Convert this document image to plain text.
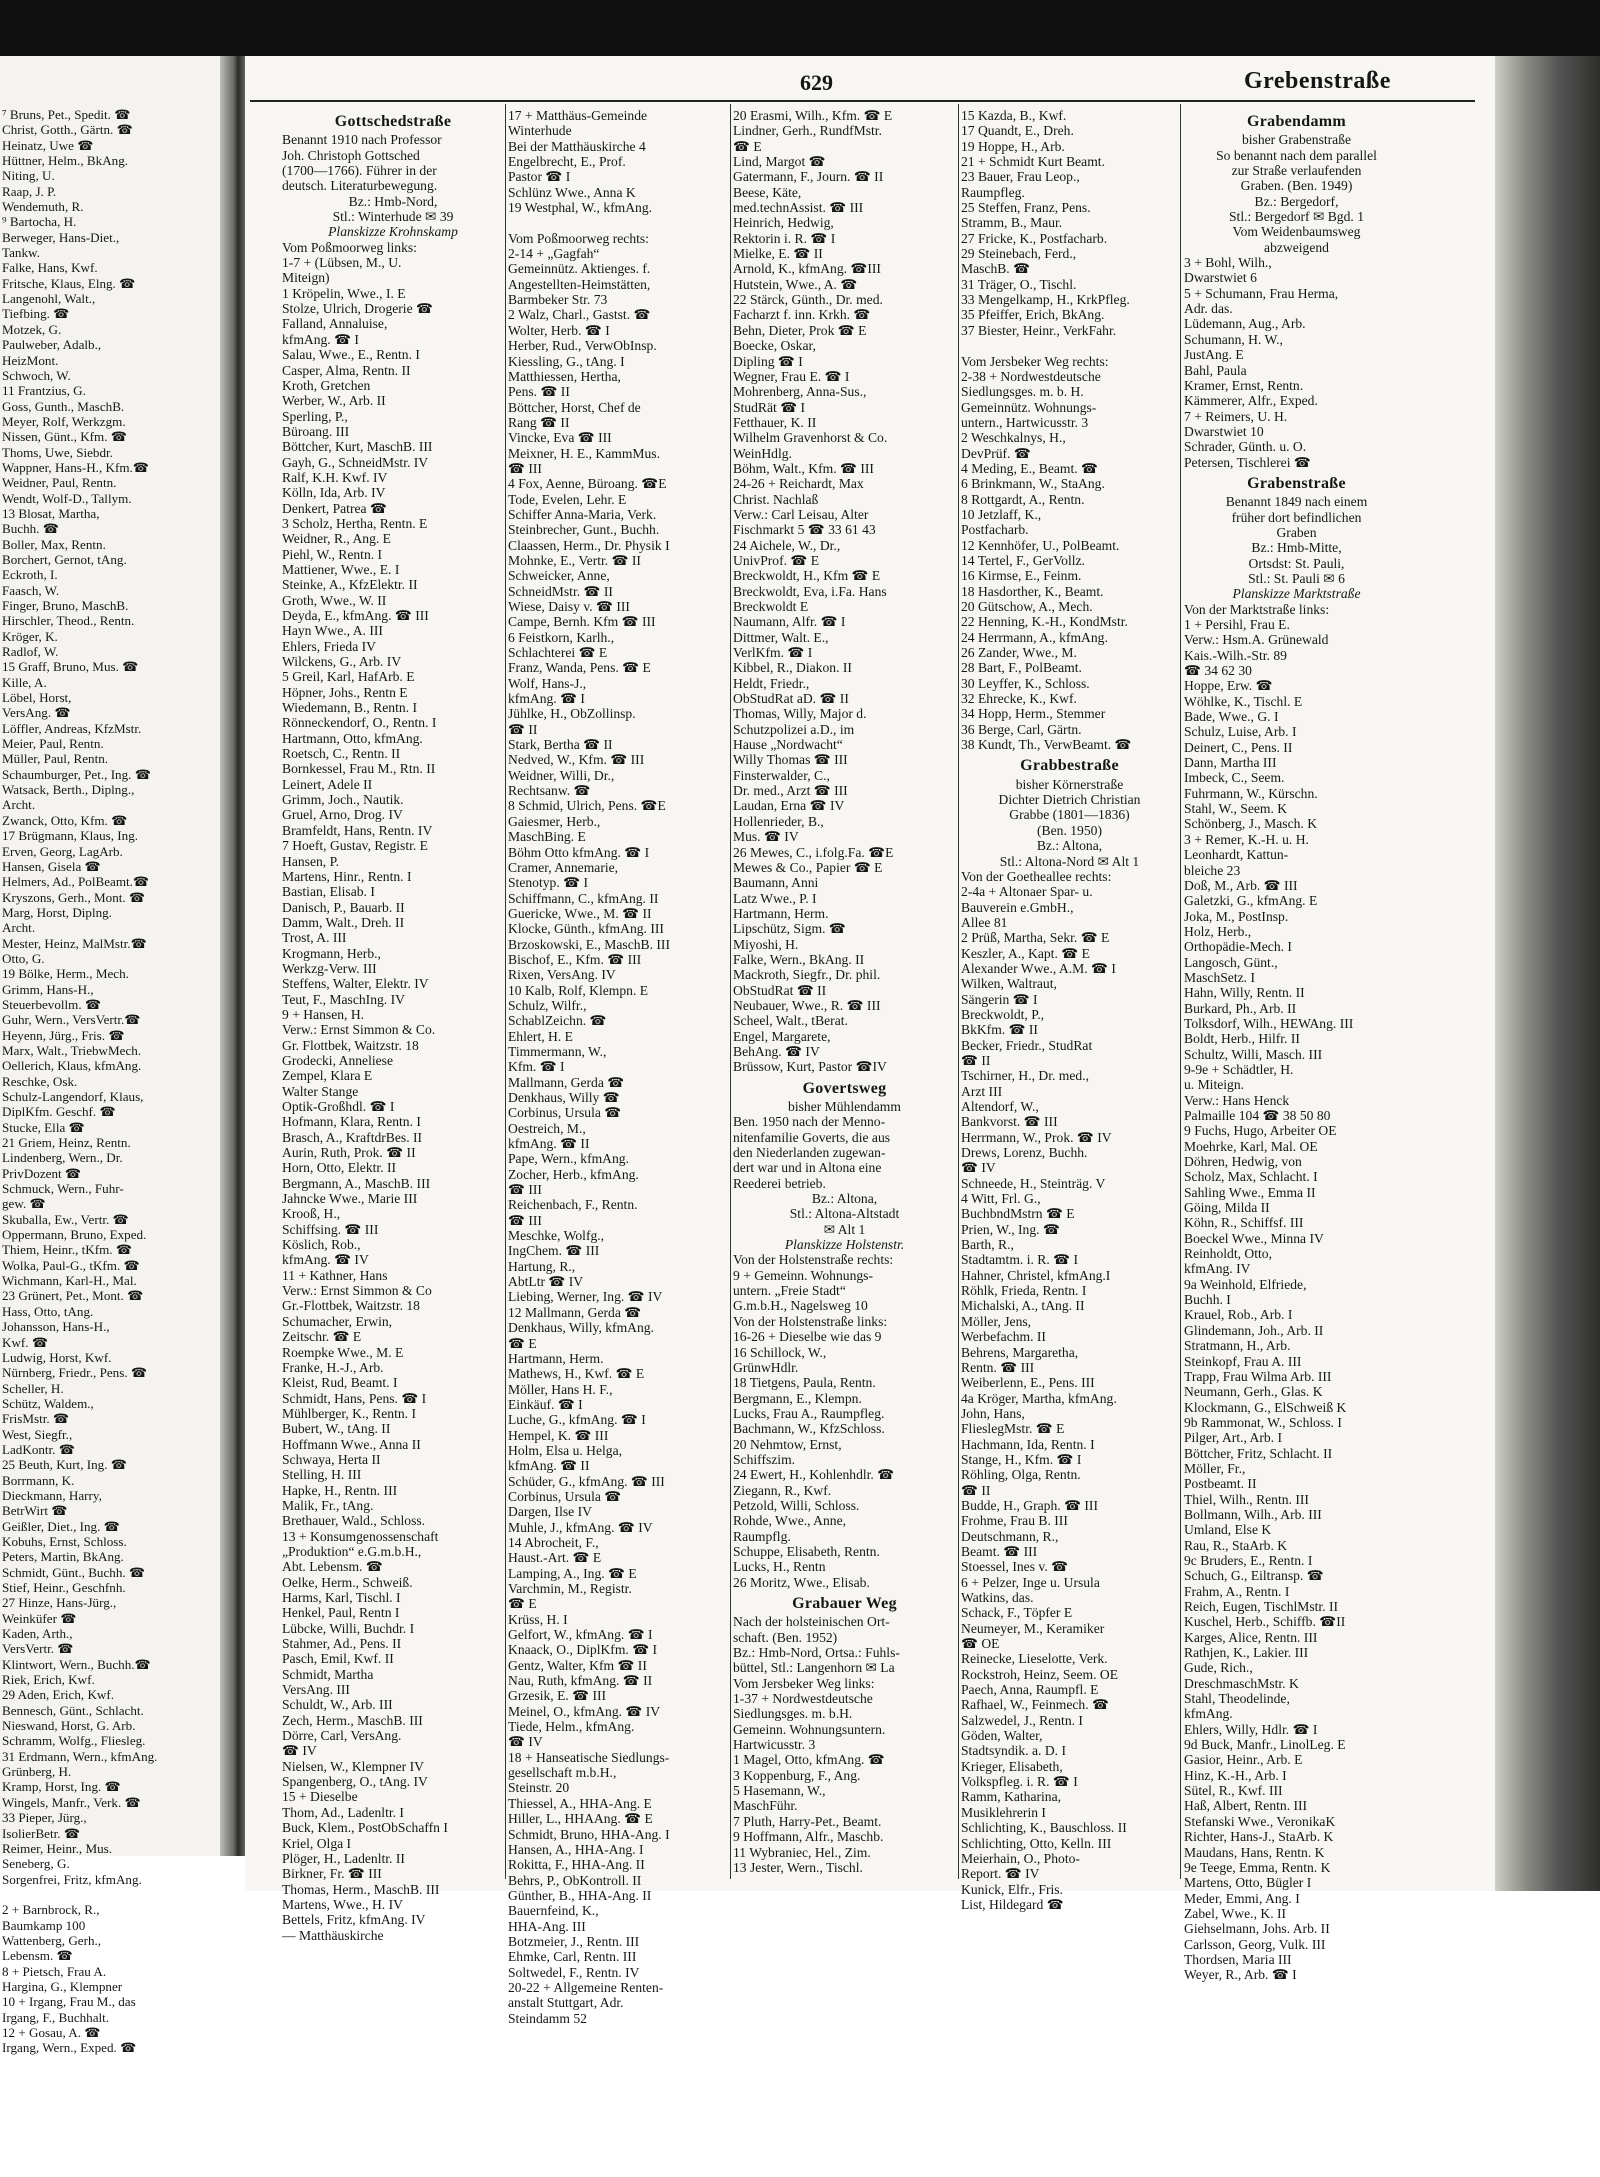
629	Grebenstraße
⁷ Bruns, Pet., Spedit. ☎
Christ, Gotth., Gärtn. ☎
Heinatz, Uwe ☎
Hüttner, Helm., BkAng.
Niting, U.
Raap, J. P.
Wendemuth, R.
⁹ Bartocha, H.
Berweger, Hans-Diet.,
Tankw.
Falke, Hans, Kwf.
Fritsche, Klaus, Elng. ☎
Langenohl, Walt.,
Tiefbing. ☎
Motzek, G.
Paulweber, Adalb.,
HeizMont.
Schwoch, W.
11 Frantzius, G.
Goss, Gunth., MaschB.
Meyer, Rolf, Werkzgm.
Nissen, Günt., Kfm. ☎
Thoms, Uwe, Siebdr.
Wappner, Hans-H., Kfm.☎
Weidner, Paul, Rentn.
Wendt, Wolf-D., Tallym.
13 Blosat, Martha,
Buchh. ☎
Boller, Max, Rentn.
Borchert, Gernot, tAng.
Eckroth, I.
Faasch, W.
Finger, Bruno, MaschB.
Hirschler, Theod., Rentn.
Kröger, K.
Radlof, W.
15 Graff, Bruno, Mus. ☎
Kille, A.
Löbel, Horst,
VersAng. ☎
Löffler, Andreas, KfzMstr.
Meier, Paul, Rentn.
Müller, Paul, Rentn.
Schaumburger, Pet., Ing. ☎
Watsack, Berth., Diplng.,
Archt.
Zwanck, Otto, Kfm. ☎
17 Brügmann, Klaus, Ing.
Erven, Georg, LagArb.
Hansen, Gisela ☎
Helmers, Ad., PolBeamt.☎
Kryszons, Gerh., Mont. ☎
Marg, Horst, Diplng.
Archt.
Mester, Heinz, MalMstr.☎
Otto, G.
19 Bölke, Herm., Mech.
Grimm, Hans-H.,
Steuerbevollm. ☎
Guhr, Wern., VersVertr.☎
Heyenn, Jürg., Fris. ☎
Marx, Walt., TriebwMech.
Oellerich, Klaus, kfmAng.
Reschke, Osk.
Schulz-Langendorf, Klaus,
DiplKfm. Geschf. ☎
Stucke, Ella ☎
21 Griem, Heinz, Rentn.
Lindenberg, Wern., Dr.
PrivDozent ☎
Schmuck, Wern., Fuhr-
gew. ☎
Skuballa, Ew., Vertr. ☎
Oppermann, Bruno, Exped.
Thiem, Heinr., tKfm. ☎
Wolka, Paul-G., tKfm. ☎
Wichmann, Karl-H., Mal.
23 Grünert, Pet., Mont. ☎
Hass, Otto, tAng.
Johansson, Hans-H.,
Kwf. ☎
Ludwig, Horst, Kwf.
Nürnberg, Friedr., Pens. ☎
Scheller, H.
Schütz, Waldem.,
FrisMstr. ☎
West, Siegfr.,
LadKontr. ☎
25 Beuth, Kurt, Ing. ☎
Borrmann, K.
Dieckmann, Harry,
BetrWirt ☎
Geißler, Diet., Ing. ☎
Kobuhs, Ernst, Schloss.
Peters, Martin, BkAng.
Schmidt, Günt., Buchh. ☎
Stief, Heinr., Geschfnh.
27 Hinze, Hans-Jürg.,
Weinküfer ☎
Kaden, Arth.,
VersVertr. ☎
Klintwort, Wern., Buchh.☎
Riek, Erich, Kwf.
29 Aden, Erich, Kwf.
Bennesch, Günt., Schlacht.
Nieswand, Horst, G. Arb.
Schramm, Wolfg., Fliesleg.
31 Erdmann, Wern., kfmAng.
Grünberg, H.
Kramp, Horst, Ing. ☎
Wingels, Manfr., Verk. ☎
33 Pieper, Jürg.,
IsolierBetr. ☎
Reimer, Heinr., Mus.
Seneberg, G.
Sorgenfrei, Fritz, kfmAng.
2 + Barnbrock, R.,
Baumkamp 100
Wattenberg, Gerh.,
Lebensm. ☎
8 + Pietsch, Frau A.
Hargina, G., Klempner
10 + Irgang, Frau M., das
Irgang, F., Buchhalt.
12 + Gosau, A. ☎
Irgang, Wern., Exped. ☎
Gottschedstraße
Benannt 1910 nach Professor
Joh. Christoph Gottsched
(1700—1766). Führer in der
deutsch. Literaturbewegung.
Bz.: Hmb-Nord,
Stl.: Winterhude ✉ 39
Planskizze Krohnskamp
Vom Poßmoorweg links:
1-7 + (Lübsen, M., U.
Miteign)
1 Kröpelin, Wwe., I. E
Stolze, Ulrich, Drogerie ☎
Falland, Annaluise,
kfmAng. ☎ I
Salau, Wwe., E., Rentn. I
Casper, Alma, Rentn. II
Kroth, Gretchen
Werber, W., Arb. II
Sperling, P.,
Büroang. III
Böttcher, Kurt, MaschB. III
Gayh, G., SchneidMstr. IV
Ralf, K.H. Kwf. IV
Kölln, Ida, Arb. IV
Denkert, Patrea ☎
3 Scholz, Hertha, Rentn. E
Weidner, R., Ang. E
Piehl, W., Rentn. I
Mattiener, Wwe., E. I
Steinke, A., KfzElektr. II
Groth, Wwe., W. II
Deyda, E., kfmAng. ☎ III
Hayn Wwe., A. III
Ehlers, Frieda IV
Wilckens, G., Arb. IV
5 Greil, Karl, HafArb. E
Höpner, Johs., Rentn E
Wiedemann, B., Rentn. I
Rönneckendorf, O., Rentn. I
Hartmann, Otto, kfmAng.
Roetsch, C., Rentn. II
Bornkessel, Frau M., Rtn. II
Leinert, Adele II
Grimm, Joch., Nautik.
Gruel, Arno, Drog. IV
Bramfeldt, Hans, Rentn. IV
7 Hoeft, Gustav, Registr. E
Hansen, P.
Martens, Hinr., Rentn. I
Bastian, Elisab. I
Danisch, P., Bauarb. II
Damm, Walt., Dreh. II
Trost, A. III
Krogmann, Herb.,
Werkzg-Verw. III
Steffens, Walter, Elektr. IV
Teut, F., MaschIng. IV
9 + Hansen, H.
Verw.: Ernst Simmon & Co.
Gr. Flottbek, Waitzstr. 18
Grodecki, Anneliese
Zempel, Klara E
Walter Stange
Optik-Großhdl. ☎ I
Hofmann, Klara, Rentn. I
Brasch, A., KraftdrBes. II
Aurin, Ruth, Prok. ☎ II
Horn, Otto, Elektr. II
Bergmann, A., MaschB. III
Jahncke Wwe., Marie III
Krooß, H.,
Schiffsing. ☎ III
Köslich, Rob.,
kfmAng. ☎ IV
11 + Kathner, Hans
Verw.: Ernst Simmon & Co
Gr.-Flottbek, Waitzstr. 18
Schumacher, Erwin,
Zeitschr. ☎ E
Roempke Wwe., M. E
Franke, H.-J., Arb.
Kleist, Rud, Beamt. I
Schmidt, Hans, Pens. ☎ I
Mühlberger, K., Rentn. I
Bubert, W., tAng. II
Hoffmann Wwe., Anna II
Schwaya, Herta II
Stelling, H. III
Hapke, H., Rentn. III
Malik, Fr., tAng.
Brethauer, Wald., Schloss.
13 + Konsumgenossenschaft
„Produktion“ e.G.m.b.H.,
Abt. Lebensm. ☎
Oelke, Herm., Schweiß.
Harms, Karl, Tischl. I
Henkel, Paul, Rentn I
Lübcke, Willi, Buchdr. I
Stahmer, Ad., Pens. II
Pasch, Emil, Kwf. II
Schmidt, Martha
VersAng. III
Schuldt, W., Arb. III
Zech, Herm., MaschB. III
Dörre, Carl, VersAng.
☎ IV
Nielsen, W., Klempner IV
Spangenberg, O., tAng. IV
15 + Dieselbe
Thom, Ad., Ladenltr. I
Buck, Klem., PostObSchaffn I
Kriel, Olga I
Plöger, H., Ladenltr. II
Birkner, Fr. ☎ III
Thomas, Herm., MaschB. III
Martens, Wwe., H. IV
Bettels, Fritz, kfmAng. IV
— Matthäuskirche
17 + Matthäus-Gemeinde
Winterhude
Bei der Matthäuskirche 4
Engelbrecht, E., Prof.
Pastor ☎ I
Schlünz Wwe., Anna K
19 Westphal, W., kfmAng.
Vom Poßmoorweg rechts:
2-14 + „Gagfah“
Gemeinnütz. Aktienges. f.
Angestellten-Heimstätten,
Barmbeker Str. 73
2 Walz, Charl., Gastst. ☎
Wolter, Herb. ☎ I
Herber, Rud., VerwObInsp.
Kiessling, G., tAng. I
Matthiessen, Hertha,
Pens. ☎ II
Böttcher, Horst, Chef de
Rang ☎ II
Vincke, Eva ☎ III
Meixner, H. E., KammMus.
☎ III
4 Fox, Aenne, Büroang. ☎E
Tode, Evelen, Lehr. E
Schiffer Anna-Maria, Verk.
Steinbrecher, Gunt., Buchh.
Claassen, Herm., Dr. Physik I
Mohnke, E., Vertr. ☎ II
Schweicker, Anne,
SchneidMstr. ☎ II
Wiese, Daisy v. ☎ III
Campe, Bernh. Kfm ☎ III
6 Feistkorn, Karlh.,
Schlachterei ☎ E
Franz, Wanda, Pens. ☎ E
Wolf, Hans-J.,
kfmAng. ☎ I
Jühlke, H., ObZollinsp.
☎ II
Stark, Bertha ☎ II
Nedved, W., Kfm. ☎ III
Weidner, Willi, Dr.,
Rechtsanw. ☎
8 Schmid, Ulrich, Pens. ☎E
Gaiesmer, Herb.,
MaschBing. E
Böhm Otto kfmAng. ☎ I
Cramer, Annemarie,
Stenotyp. ☎ I
Schiffmann, C., kfmAng. II
Guericke, Wwe., M. ☎ II
Klocke, Günth., kfmAng. III
Brzoskowski, E., MaschB. III
Bischof, E., Kfm. ☎ III
Rixen, VersAng. IV
10 Kalb, Rolf, Klempn. E
Schulz, Wilfr.,
SchablZeichn. ☎
Ehlert, H. E
Timmermann, W.,
Kfm. ☎ I
Mallmann, Gerda ☎
Denkhaus, Willy ☎
Corbinus, Ursula ☎
Oestreich, M.,
kfmAng. ☎ II
Pape, Wern., kfmAng.
Zocher, Herb., kfmAng.
☎ III
Reichenbach, F., Rentn.
☎ III
Meschke, Wolfg.,
IngChem. ☎ III
Hartung, R.,
AbtLtr ☎ IV
Liebing, Werner, Ing. ☎ IV
12 Mallmann, Gerda ☎
Denkhaus, Willy, kfmAng.
☎ E
Hartmann, Herm.
Mathews, H., Kwf. ☎ E
Möller, Hans H. F.,
Einkäuf. ☎ I
Luche, G., kfmAng. ☎ I
Hempel, K. ☎ III
Holm, Elsa u. Helga,
kfmAng. ☎ II
Schüder, G., kfmAng. ☎ III
Corbinus, Ursula ☎
Dargen, Ilse IV
Muhle, J., kfmAng. ☎ IV
14 Abrocheit, F.,
Haust.-Art. ☎ E
Lamping, A., Ing. ☎ E
Varchmin, M., Registr.
☎ E
Krüss, H. I
Gelfort, W., kfmAng. ☎ I
Knaack, O., DiplKfm. ☎ I
Gentz, Walter, Kfm ☎ II
Nau, Ruth, kfmAng. ☎ II
Grzesik, E. ☎ III
Meinel, O., kfmAng. ☎ IV
Tiede, Helm., kfmAng.
☎ IV
18 + Hanseatische Siedlungs-
gesellschaft m.b.H.,
Steinstr. 20
Thiessel, A., HHA-Ang. E
Hiller, L., HHAAng. ☎ E
Schmidt, Bruno, HHA-Ang. I
Hansen, A., HHA-Ang. I
Rokitta, F., HHA-Ang. II
Behrs, P., ObKontroll. II
Günther, B., HHA-Ang. II
Bauernfeind, K.,
HHA-Ang. III
Botzmeier, J., Rentn. III
Ehmke, Carl, Rentn. III
Soltwedel, F., Rentn. IV
20-22 + Allgemeine Renten-
anstalt Stuttgart, Adr.
Steindamm 52
20 Erasmi, Wilh., Kfm. ☎ E
Lindner, Gerh., RundfMstr.
☎ E
Lind, Margot ☎
Gatermann, F., Journ. ☎ II
Beese, Käte,
med.technAssist. ☎ III
Heinrich, Hedwig,
Rektorin i. R. ☎ I
Mielke, E. ☎ II
Arnold, K., kfmAng. ☎III
Hutstein, Wwe., A. ☎
22 Stärck, Günth., Dr. med.
Facharzt f. inn. Krkh. ☎
Behn, Dieter, Prok ☎ E
Boecke, Oskar,
Dipling ☎ I
Wegner, Frau E. ☎ I
Mohrenberg, Anna-Sus.,
StudRät ☎ I
Fetthauer, K. II
Wilhelm Gravenhorst & Co.
WeinHdlg.
Böhm, Walt., Kfm. ☎ III
24-26 + Reichardt, Max
Christ. Nachlaß
Verw.: Carl Leisau, Alter
Fischmarkt 5 ☎ 33 61 43
24 Aichele, W., Dr.,
UnivProf. ☎ E
Breckwoldt, H., Kfm ☎ E
Breckwoldt, Eva, i.Fa. Hans
Breckwoldt E
Naumann, Alfr. ☎ I
Dittmer, Walt. E.,
VerlKfm. ☎ I
Kibbel, R., Diakon. II
Heldt, Friedr.,
ObStudRat aD. ☎ II
Thomas, Willy, Major d.
Schutzpolizei a.D., im
Hause „Nordwacht“
Willy Thomas ☎ III
Finsterwalder, C.,
Dr. med., Arzt ☎ III
Laudan, Erna ☎ IV
Hollenrieder, B.,
Mus. ☎ IV
26 Mewes, C., i.folg.Fa. ☎E
Mewes & Co., Papier ☎ E
Baumann, Anni
Latz Wwe., P. I
Hartmann, Herm.
Lipschütz, Sigm. ☎
Miyoshi, H.
Falke, Wern., BkAng. II
Mackroth, Siegfr., Dr. phil.
ObStudRat ☎ II
Neubauer, Wwe., R. ☎ III
Scheel, Walt., tBerat.
Engel, Margarete,
BehAng. ☎ IV
Brüssow, Kurt, Pastor ☎IV
Govertsweg
bisher Mühlendamm
Ben. 1950 nach der Menno-
nitenfamilie Goverts, die aus
den Niederlanden zugewan-
dert war und in Altona eine
Reederei betrieb.
Bz.: Altona,
Stl.: Altona-Altstadt
✉ Alt 1
Planskizze Holstenstr.
Von der Holstenstraße rechts:
9 + Gemeinn. Wohnungs-
untern. „Freie Stadt“
G.m.b.H., Nagelsweg 10
Von der Holstenstraße links:
16-26 + Dieselbe wie das 9
16 Schillock, W.,
GrünwHdlr.
18 Tietgens, Paula, Rentn.
Bergmann, E., Klempn.
Lucks, Frau A., Raumpfleg.
Bachmann, W., KfzSchloss.
20 Nehmtow, Ernst,
Schiffszim.
24 Ewert, H., Kohlenhdlr. ☎
Ziegann, R., Kwf.
Petzold, Willi, Schloss.
Rohde, Wwe., Anne,
Raumpflg.
Schuppe, Elisabeth, Rentn.
Lucks, H., Rentn
26 Moritz, Wwe., Elisab.
Grabauer Weg
Nach der holsteinischen Ort-
schaft. (Ben. 1952)
Bz.: Hmb-Nord, Ortsa.: Fuhls-
büttel, Stl.: Langenhorn ✉ La
Vom Jersbeker Weg links:
1-37 + Nordwestdeutsche
Siedlungsges. m. b.H.
Gemeinn. Wohnungsuntern.
Hartwicusstr. 3
1 Magel, Otto, kfmAng. ☎
3 Koppenburg, F., Ang.
5 Hasemann, W.,
MaschFühr.
7 Pluth, Harry-Pet., Beamt.
9 Hoffmann, Alfr., Maschb.
11 Wybraniec, Hel., Zim.
13 Jester, Wern., Tischl.
15 Kazda, B., Kwf.
17 Quandt, E., Dreh.
19 Hoppe, H., Arb.
21 + Schmidt Kurt Beamt.
23 Bauer, Frau Leop.,
Raumpfleg.
25 Steffen, Franz, Pens.
Stramm, B., Maur.
27 Fricke, K., Postfacharb.
29 Steinebach, Ferd.,
MaschB. ☎
31 Träger, O., Tischl.
33 Mengelkamp, H., KrkPfleg.
35 Pfeiffer, Erich, BkAng.
37 Biester, Heinr., VerkFahr.
Vom Jersbeker Weg rechts:
2-38 + Nordwestdeutsche
Siedlungsges. m. b. H.
Gemeinnütz. Wohnungs-
untern., Hartwicusstr. 3
2 Weschkalnys, H.,
DevPrüf. ☎
4 Meding, E., Beamt. ☎
6 Brinkmann, W., StaAng.
8 Rottgardt, A., Rentn.
10 Jetzlaff, K.,
Postfacharb.
12 Kennhöfer, U., PolBeamt.
14 Tertel, F., GerVollz.
16 Kirmse, E., Feinm.
18 Hasdorther, K., Beamt.
20 Gütschow, A., Mech.
22 Henning, K.-H., KondMstr.
24 Herrmann, A., kfmAng.
26 Zander, Wwe., M.
28 Bart, F., PolBeamt.
30 Leyffer, K., Schloss.
32 Ehrecke, K., Kwf.
34 Hopp, Herm., Stemmer
36 Berge, Carl, Gärtn.
38 Kundt, Th., VerwBeamt. ☎
Grabbestraße
bisher Körnerstraße
Dichter Dietrich Christian
Grabbe (1801—1836)
(Ben. 1950)
Bz.: Altona,
Stl.: Altona-Nord ✉ Alt 1
Von der Goetheallee rechts:
2-4a + Altonaer Spar- u.
Bauverein e.GmbH.,
Allee 81
2 Prüß, Martha, Sekr. ☎ E
Keszler, A., Kapt. ☎ E
Alexander Wwe., A.M. ☎ I
Wilken, Waltraut,
Sängerin ☎ I
Breckwoldt, P.,
BkKfm. ☎ II
Becker, Friedr., StudRat
☎ II
Tschirner, H., Dr. med.,
Arzt III
Altendorf, W.,
Bankvorst. ☎ III
Herrmann, W., Prok. ☎ IV
Drews, Lorenz, Buchh.
☎ IV
Schneede, H., Steinträg. V
4 Witt, Frl. G.,
BuchbndMstrn ☎ E
Prien, W., Ing. ☎
Barth, R.,
Stadtamtm. i. R. ☎ I
Hahner, Christel, kfmAng.I
Röhlk, Frieda, Rentn. I
Michalski, A., tAng. II
Möller, Jens,
Werbefachm. II
Behrens, Margaretha,
Rentn. ☎ III
Weiberlenn, E., Pens. III
4a Kröger, Martha, kfmAng.
John, Hans,
FlieslegMstr. ☎ E
Hachmann, Ida, Rentn. I
Stange, H., Kfm. ☎ I
Röhling, Olga, Rentn.
☎ II
Budde, H., Graph. ☎ III
Frohme, Frau B. III
Deutschmann, R.,
Beamt. ☎ III
Stoessel, Ines v. ☎
6 + Pelzer, Inge u. Ursula
Watkins, das.
Schack, F., Töpfer E
Neumeyer, M., Keramiker
☎ OE
Reinecke, Lieselotte, Verk.
Rockstroh, Heinz, Seem. OE
Paech, Anna, Raumpfl. E
Rafhael, W., Feinmech. ☎
Salzwedel, J., Rentn. I
Göden, Walter,
Stadtsyndik. a. D. I
Krieger, Elisabeth,
Volkspfleg. i. R. ☎ I
Ramm, Katharina,
Musiklehrerin I
Schlichting, K., Bauschloss. II
Schlichting, Otto, Kelln. III
Meierhain, O., Photo-
Report. ☎ IV
Kunick, Elfr., Fris.
List, Hildegard ☎
Grabendamm
bisher Grabenstraße
So benannt nach dem parallel
zur Straße verlaufenden
Graben. (Ben. 1949)
Bz.: Bergedorf,
Stl.: Bergedorf ✉ Bgd. 1
Vom Weidenbaumsweg
abzweigend
3 + Bohl, Wilh.,
Dwarstwiet 6
5 + Schumann, Frau Herma,
Adr. das.
Lüdemann, Aug., Arb.
Schumann, H. W.,
JustAng. E
Bahl, Paula
Kramer, Ernst, Rentn.
Kämmerer, Alfr., Exped.
7 + Reimers, U. H.
Dwarstwiet 10
Schrader, Günth. u. O.
Petersen, Tischlerei ☎
Grabenstraße
Benannt 1849 nach einem
früher dort befindlichen
Graben
Bz.: Hmb-Mitte,
Ortsdst: St. Pauli,
Stl.: St. Pauli ✉ 6
Planskizze Marktstraße
Von der Marktstraße links:
1 + Persihl, Frau E.
Verw.: Hsm.A. Grünewald
Kais.-Wilh.-Str. 89
☎ 34 62 30
Hoppe, Erw. ☎
Wöhlke, K., Tischl. E
Bade, Wwe., G. I
Schulz, Luise, Arb. I
Deinert, C., Pens. II
Dann, Martha III
Imbeck, C., Seem.
Fuhrmann, W., Kürschn.
Stahl, W., Seem. K
Schönberg, J., Masch. K
3 + Remer, K.-H. u. H.
Leonhardt, Kattun-
bleiche 23
Doß, M., Arb. ☎ III
Galetzki, G., kfmAng. E
Joka, M., PostInsp.
Holz, Herb.,
Orthopädie-Mech. I
Langosch, Günt.,
MaschSetz. I
Hahn, Willy, Rentn. II
Burkard, Ph., Arb. II
Tolksdorf, Wilh., HEWAng. III
Boldt, Herb., Hilfr. II
Schultz, Willi, Masch. III
9-9e + Schädtler, H.
u. Miteign.
Verw.: Hans Henck
Palmaille 104 ☎ 38 50 80
9 Fuchs, Hugo, Arbeiter OE
Moehrke, Karl, Mal. OE
Döhren, Hedwig, von
Scholz, Max, Schlacht. I
Sahling Wwe., Emma II
Göing, Milda II
Köhn, R., Schiffsf. III
Boeckel Wwe., Minna IV
Reinholdt, Otto,
kfmAng. IV
9a Weinhold, Elfriede,
Buchh. I
Krauel, Rob., Arb. I
Glindemann, Joh., Arb. II
Stratmann, H., Arb.
Steinkopf, Frau A. III
Trapp, Frau Wilma Arb. III
Neumann, Gerh., Glas. K
Klockmann, G., ElSchweiß K
9b Rammonat, W., Schloss. I
Pilger, Art., Arb. I
Böttcher, Fritz, Schlacht. II
Möller, Fr.,
Postbeamt. II
Thiel, Wilh., Rentn. III
Bollmann, Wilh., Arb. III
Umland, Else K
Rau, R., StaArb. K
9c Bruders, E., Rentn. I
Schuch, G., Eiltransp. ☎
Frahm, A., Rentn. I
Reich, Eugen, TischlMstr. II
Kuschel, Herb., Schiffb. ☎II
Karges, Alice, Rentn. III
Rathjen, K., Lakier. III
Gude, Rich.,
DreschmaschMstr. K
Stahl, Theodelinde,
kfmAng.
Ehlers, Willy, Hdlr. ☎ I
9d Buck, Manfr., LinolLeg. E
Gasior, Heinr., Arb. E
Hinz, K.-H., Arb. I
Sütel, R., Kwf. III
Haß, Albert, Rentn. III
Stefanski Wwe., VeronikaK
Richter, Hans-J., StaArb. K
Maudans, Hans, Rentn. K
9e Teege, Emma, Rentn. K
Martens, Otto, Bügler I
Meder, Emmi, Ang. I
Zabel, Wwe., K. II
Giehselmann, Johs. Arb. II
Carlsson, Georg, Vulk. III
Thordsen, Maria III
Weyer, R., Arb. ☎ I
